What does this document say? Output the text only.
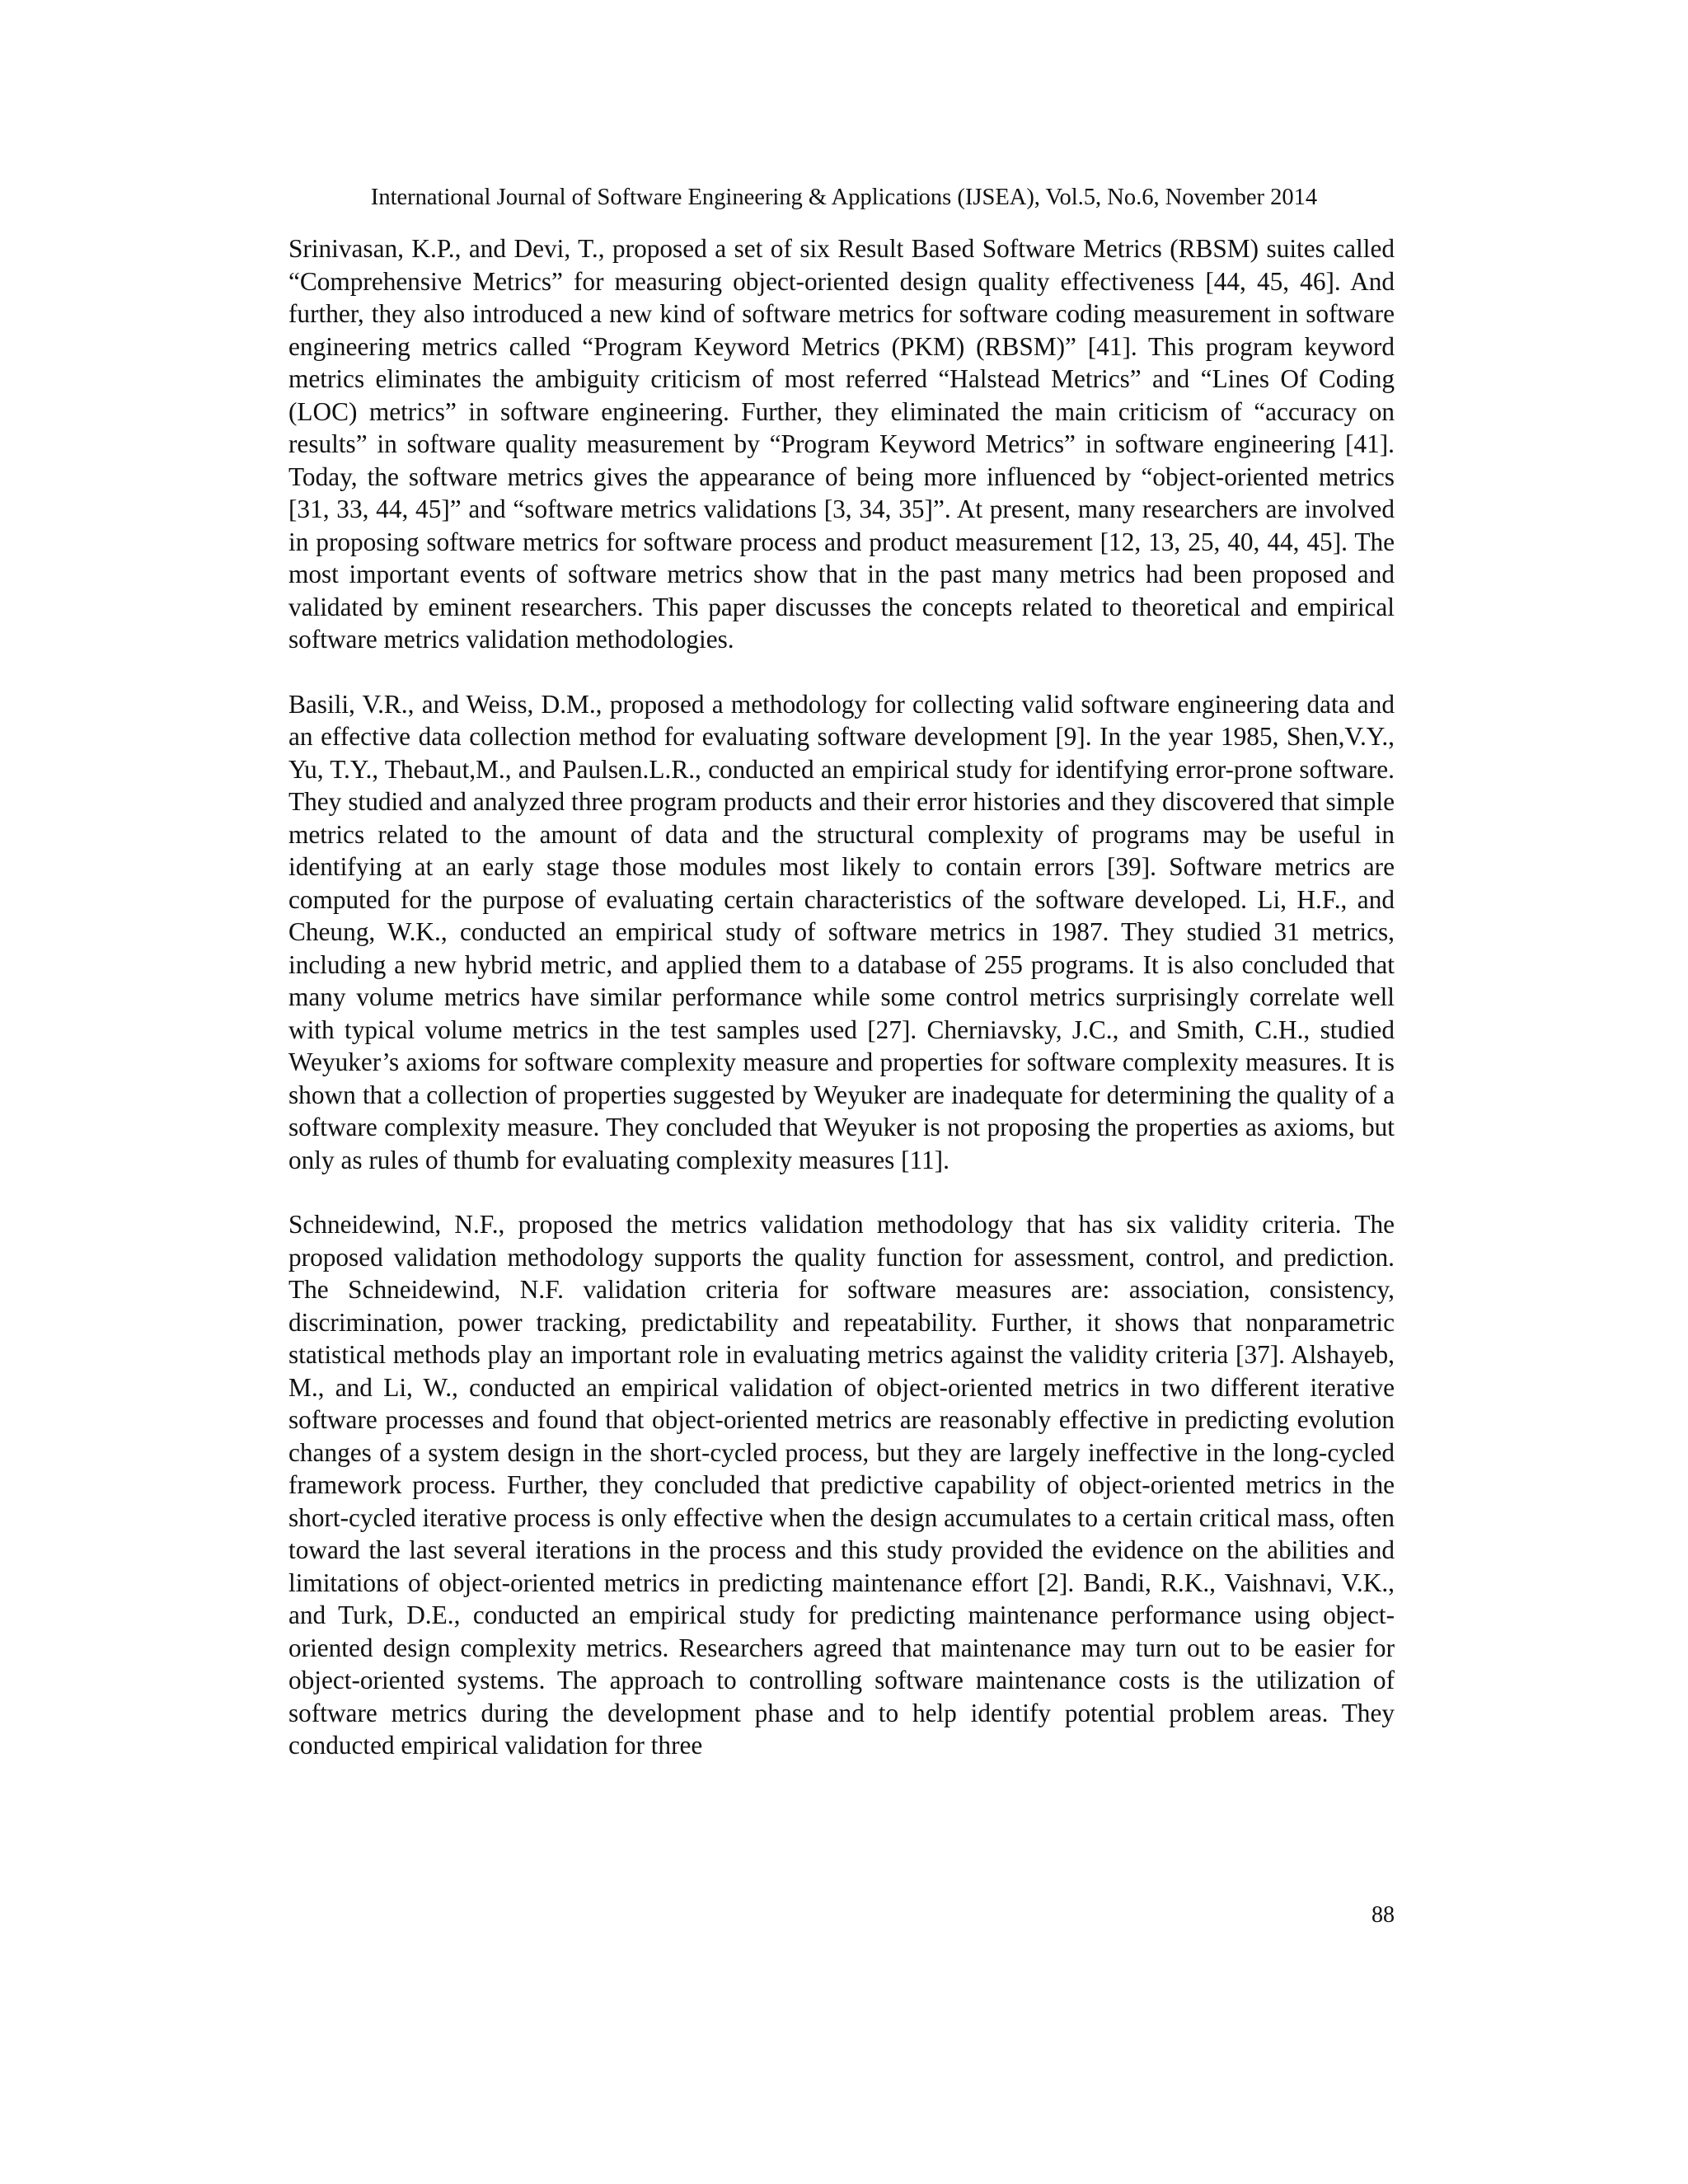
International Journal of Software Engineering & Applications (IJSEA), Vol.5, No.6, November 2014

Srinivasan, K.P., and Devi, T., proposed a set of six Result Based Software Metrics (RBSM) suites called “Comprehensive Metrics” for measuring object-oriented design quality effectiveness [44, 45, 46]. And further, they also introduced a new kind of software metrics for software coding measurement in software engineering metrics called “Program Keyword Metrics (PKM) (RBSM)” [41]. This program keyword metrics eliminates the ambiguity criticism of most referred “Halstead Metrics” and “Lines Of Coding (LOC) metrics” in software engineering. Further, they eliminated the main criticism of “accuracy on results” in software quality measurement by “Program Keyword Metrics” in software engineering [41]. Today, the software metrics gives the appearance of being more influenced by “object-oriented metrics [31, 33, 44, 45]” and “software metrics validations [3, 34, 35]”. At present, many researchers are involved in proposing software metrics for software process and product measurement [12, 13, 25, 40, 44, 45]. The most important events of software metrics show that in the past many metrics had been proposed and validated by eminent researchers. This paper discusses the concepts related to theoretical and empirical software metrics validation methodologies.

Basili, V.R., and Weiss, D.M., proposed a methodology for collecting valid software engineering data and an effective data collection method for evaluating software development [9]. In the year 1985, Shen,V.Y., Yu, T.Y., Thebaut,M., and Paulsen.L.R., conducted an empirical study for identifying error-prone software. They studied and analyzed three program products and their error histories and they discovered that simple metrics related to the amount of data and the structural complexity of programs may be useful in identifying at an early stage those modules most likely to contain errors [39]. Software metrics are computed for the purpose of evaluating certain characteristics of the software developed. Li, H.F., and Cheung, W.K., conducted an empirical study of software metrics in 1987. They studied 31 metrics, including a new hybrid metric, and applied them to a database of 255 programs. It is also concluded that many volume metrics have similar performance while some control metrics surprisingly correlate well with typical volume metrics in the test samples used [27]. Cherniavsky, J.C., and Smith, C.H., studied Weyuker’s axioms for software complexity measure and properties for software complexity measures. It is shown that a collection of properties suggested by Weyuker are inadequate for determining the quality of a software complexity measure. They concluded that Weyuker is not proposing the properties as axioms, but only as rules of thumb for evaluating complexity measures [11].

Schneidewind, N.F., proposed the metrics validation methodology that has six validity criteria. The proposed validation methodology supports the quality function for assessment, control, and prediction. The Schneidewind, N.F. validation criteria for software measures are: association, consistency, discrimination, power tracking, predictability and repeatability. Further, it shows that nonparametric statistical methods play an important role in evaluating metrics against the validity criteria [37]. Alshayeb, M., and Li, W., conducted an empirical validation of object-oriented metrics in two different iterative software processes and found that object-oriented metrics are reasonably effective in predicting evolution changes of a system design in the short-cycled process, but they are largely ineffective in the long-cycled framework process. Further, they concluded that predictive capability of object-oriented metrics in the short-cycled iterative process is only effective when the design accumulates to a certain critical mass, often toward the last several iterations in the process and this study provided the evidence on the abilities and limitations of object-oriented metrics in predicting maintenance effort [2]. Bandi, R.K., Vaishnavi, V.K., and Turk, D.E., conducted an empirical study for predicting maintenance performance using object-oriented design complexity metrics. Researchers agreed that maintenance may turn out to be easier for object-oriented systems. The approach to controlling software maintenance costs is the utilization of software metrics during the development phase and to help identify potential problem areas. They conducted empirical validation for three

88
